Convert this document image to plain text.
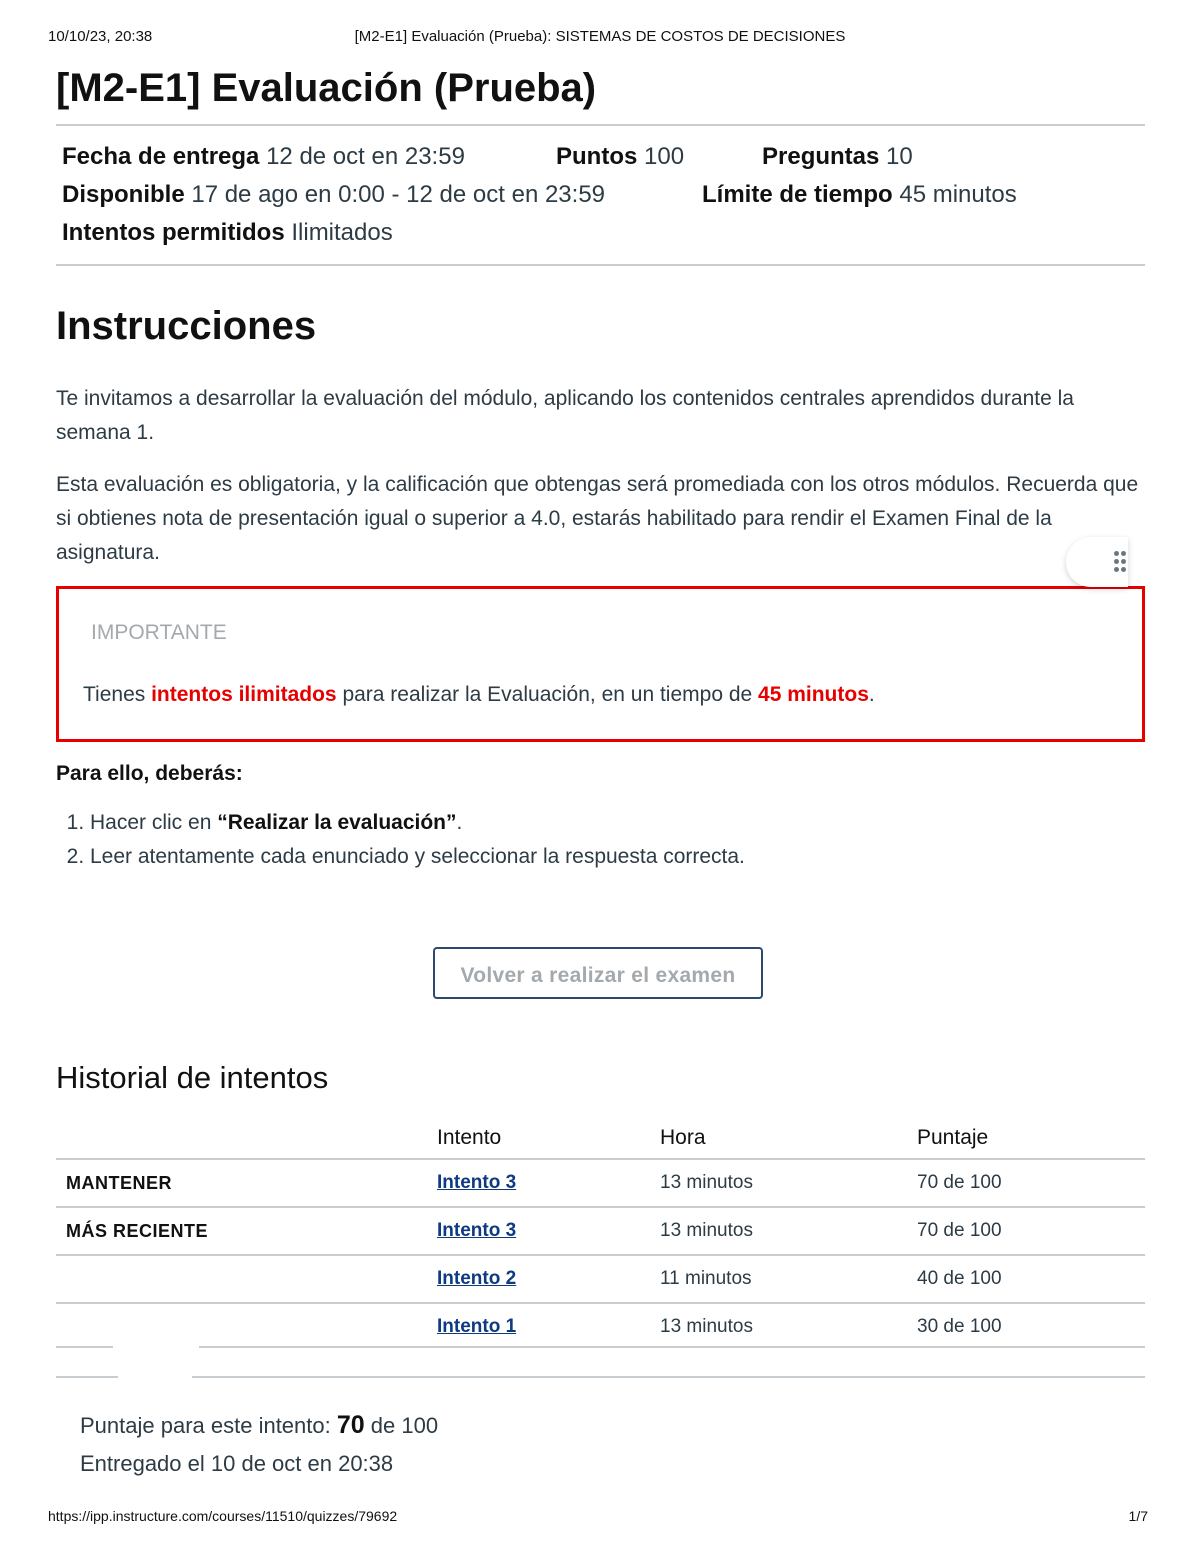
10/10/23, 20:38	[M2-E1] Evaluación (Prueba): SISTEMAS DE COSTOS DE DECISIONES
[M2-E1] Evaluación (Prueba)
Fecha de entrega 12 de oct en 23:59	Puntos 100	Preguntas 10
Disponible 17 de ago en 0:00 - 12 de oct en 23:59	Límite de tiempo 45 minutos
Intentos permitidos Ilimitados
Instrucciones

Te invitamos a desarrollar la evaluación del módulo, aplicando los contenidos centrales aprendidos durante la semana 1.

Esta evaluación es obligatoria, y la calificación que obtengas será promediada con los otros módulos. Recuerda que si obtienes nota de presentación igual o superior a 4.0, estarás habilitado para rendir el Examen Final de la asignatura.

IMPORTANTE
Tienes intentos ilimitados para realizar la Evaluación, en un tiempo de 45 minutos.
Para ello, deberás:
1. Hacer clic en “Realizar la evaluación”.
2. Leer atentamente cada enunciado y seleccionar la respuesta correcta.
Volver a realizar el examen
Historial de intentos
	Intento	Hora	Puntaje
MANTENER	Intento 3	13 minutos	70 de 100
MÁS RECIENTE	Intento 3	13 minutos	70 de 100
	Intento 2	11 minutos	40 de 100
	Intento 1	13 minutos	30 de 100
Puntaje para este intento: 70 de 100
Entregado el 10 de oct en 20:38
https://ipp.instructure.com/courses/11510/quizzes/79692	1/7
